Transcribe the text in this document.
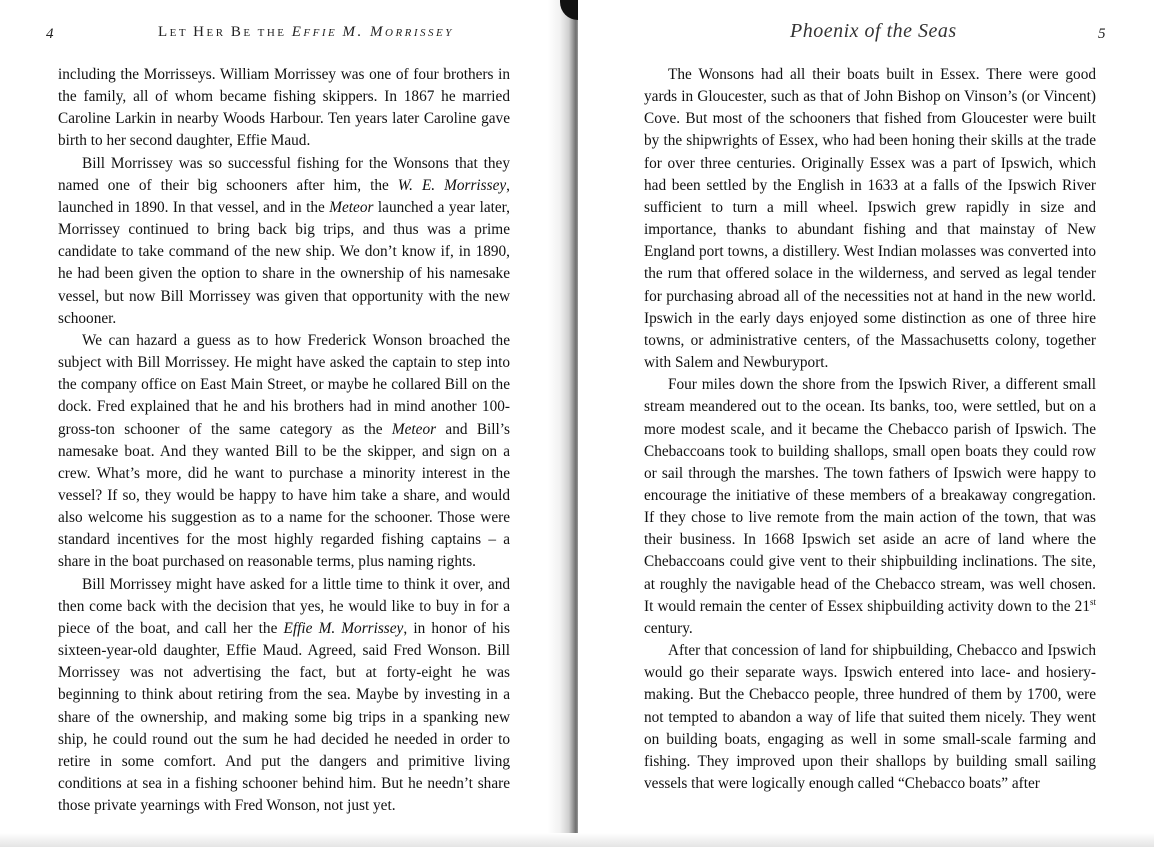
4	LET HER BE THE EFFIE M. MORRISSEY

including the Morrisseys. William Morrissey was one of four brothers in the family, all of whom became fishing skippers. In 1867 he married Caroline Larkin in nearby Woods Harbour. Ten years later Caroline gave birth to her second daughter, Effie Maud.

Bill Morrissey was so successful fishing for the Wonsons that they named one of their big schooners after him, the W. E. Morrissey, launched in 1890. In that vessel, and in the Meteor launched a year later, Morrissey continued to bring back big trips, and thus was a prime candidate to take command of the new ship. We don’t know if, in 1890, he had been given the option to share in the ownership of his namesake vessel, but now Bill Morrissey was given that opportunity with the new schooner.

We can hazard a guess as to how Frederick Wonson broached the subject with Bill Morrissey. He might have asked the captain to step into the company office on East Main Street, or maybe he collared Bill on the dock. Fred explained that he and his brothers had in mind another 100-gross-ton schooner of the same category as the Meteor and Bill’s namesake boat. And they wanted Bill to be the skipper, and sign on a crew. What’s more, did he want to purchase a minority interest in the vessel? If so, they would be happy to have him take a share, and would also welcome his suggestion as to a name for the schooner. Those were standard incentives for the most highly regarded fishing captains – a share in the boat purchased on reasonable terms, plus naming rights.

Bill Morrissey might have asked for a little time to think it over, and then come back with the decision that yes, he would like to buy in for a piece of the boat, and call her the Effie M. Morrissey, in honor of his sixteen-year-old daughter, Effie Maud. Agreed, said Fred Wonson. Bill Morrissey was not advertising the fact, but at forty-eight he was beginning to think about retiring from the sea. Maybe by investing in a share of the ownership, and making some big trips in a spanking new ship, he could round out the sum he had decided he needed in order to retire in some comfort. And put the dangers and primitive living conditions at sea in a fishing schooner behind him. But he needn’t share those private yearnings with Fred Wonson, not just yet.

Phoenix of the Seas	5

The Wonsons had all their boats built in Essex. There were good yards in Gloucester, such as that of John Bishop on Vinson’s (or Vincent) Cove. But most of the schooners that fished from Gloucester were built by the shipwrights of Essex, who had been honing their skills at the trade for over three centuries. Originally Essex was a part of Ipswich, which had been settled by the English in 1633 at a falls of the Ipswich River sufficient to turn a mill wheel. Ipswich grew rapidly in size and importance, thanks to abundant fishing and that mainstay of New England port towns, a distillery. West Indian molasses was converted into the rum that offered solace in the wilderness, and served as legal tender for purchasing abroad all of the necessities not at hand in the new world. Ipswich in the early days enjoyed some distinction as one of three hire towns, or administrative centers, of the Massachusetts colony, together with Salem and Newburyport.

Four miles down the shore from the Ipswich River, a different small stream meandered out to the ocean. Its banks, too, were settled, but on a more modest scale, and it became the Chebacco parish of Ipswich. The Chebaccoans took to building shallops, small open boats they could row or sail through the marshes. The town fathers of Ipswich were happy to encourage the initiative of these members of a breakaway congregation. If they chose to live remote from the main action of the town, that was their business. In 1668 Ipswich set aside an acre of land where the Chebaccoans could give vent to their shipbuilding inclinations. The site, at roughly the navigable head of the Chebacco stream, was well chosen. It would remain the center of Essex shipbuilding activity down to the 21st century.

After that concession of land for shipbuilding, Chebacco and Ipswich would go their separate ways. Ipswich entered into lace- and hosiery-making. But the Chebacco people, three hundred of them by 1700, were not tempted to abandon a way of life that suited them nicely. They went on building boats, engaging as well in some small-scale farming and fishing. They improved upon their shallops by building small sailing vessels that were logically enough called “Chebacco boats” after
